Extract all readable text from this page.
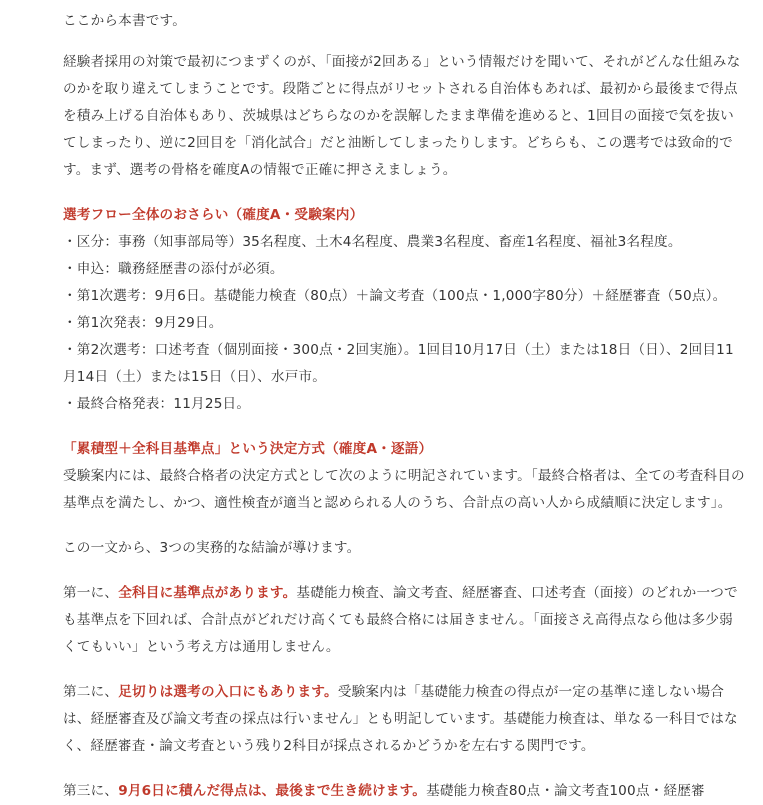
ここから本書です。

経験者採用の対策で最初につまずくのが、「面接が2回ある」という情報だけを聞いて、それがどんな仕組みなのかを取り違えてしまうことです。段階ごとに得点がリセットされる自治体もあれば、最初から最後まで得点を積み上げる自治体もあり、茨城県はどちらなのかを誤解したまま準備を進めると、1回目の面接で気を抜いてしまったり、逆に2回目を「消化試合」だと油断してしまったりします。どちらも、この選考では致命的です。まず、選考の骨格を確度Aの情報で正確に押さえましょう。

選考フロー全体のおさらい（確度A・受験案内）

・区分：事務（知事部局等）35名程度、土木4名程度、農業3名程度、畜産1名程度、福祉3名程度。

・申込：職務経歴書の添付が必須。

・第1次選考：9月6日。基礎能力検査（80点）＋論文考査（100点・1,000字80分）＋経歴審査（50点）。

・第1次発表：9月29日。

・第2次選考：口述考査（個別面接・300点・2回実施）。1回目10月17日（土）または18日（日）、2回目11月14日（土）または15日（日）、水戸市。

・最終合格発表：11月25日。

「累積型＋全科目基準点」という決定方式（確度A・逐語）

受験案内には、最終合格者の決定方式として次のように明記されています。「最終合格者は、全ての考査科目の基準点を満たし、かつ、適性検査が適当と認められる人のうち、合計点の高い人から成績順に決定します」。

この一文から、3つの実務的な結論が導けます。

第一に、全科目に基準点があります。基礎能力検査、論文考査、経歴審査、口述考査（面接）のどれか一つでも基準点を下回れば、合計点がどれだけ高くても最終合格には届きません。「面接さえ高得点なら他は多少弱くてもいい」という考え方は通用しません。

第二に、足切りは選考の入口にもあります。受験案内は「基礎能力検査の得点が一定の基準に達しない場合は、経歴審査及び論文考査の採点は行いません」とも明記しています。基礎能力検査は、単なる一科目ではなく、経歴審査・論文考査という残り2科目が採点されるかどうかを左右する関門です。

第三に、9月6日に積んだ得点は、最後まで生き続けます。基礎能力検査80点・論文考査100点・経歴審
